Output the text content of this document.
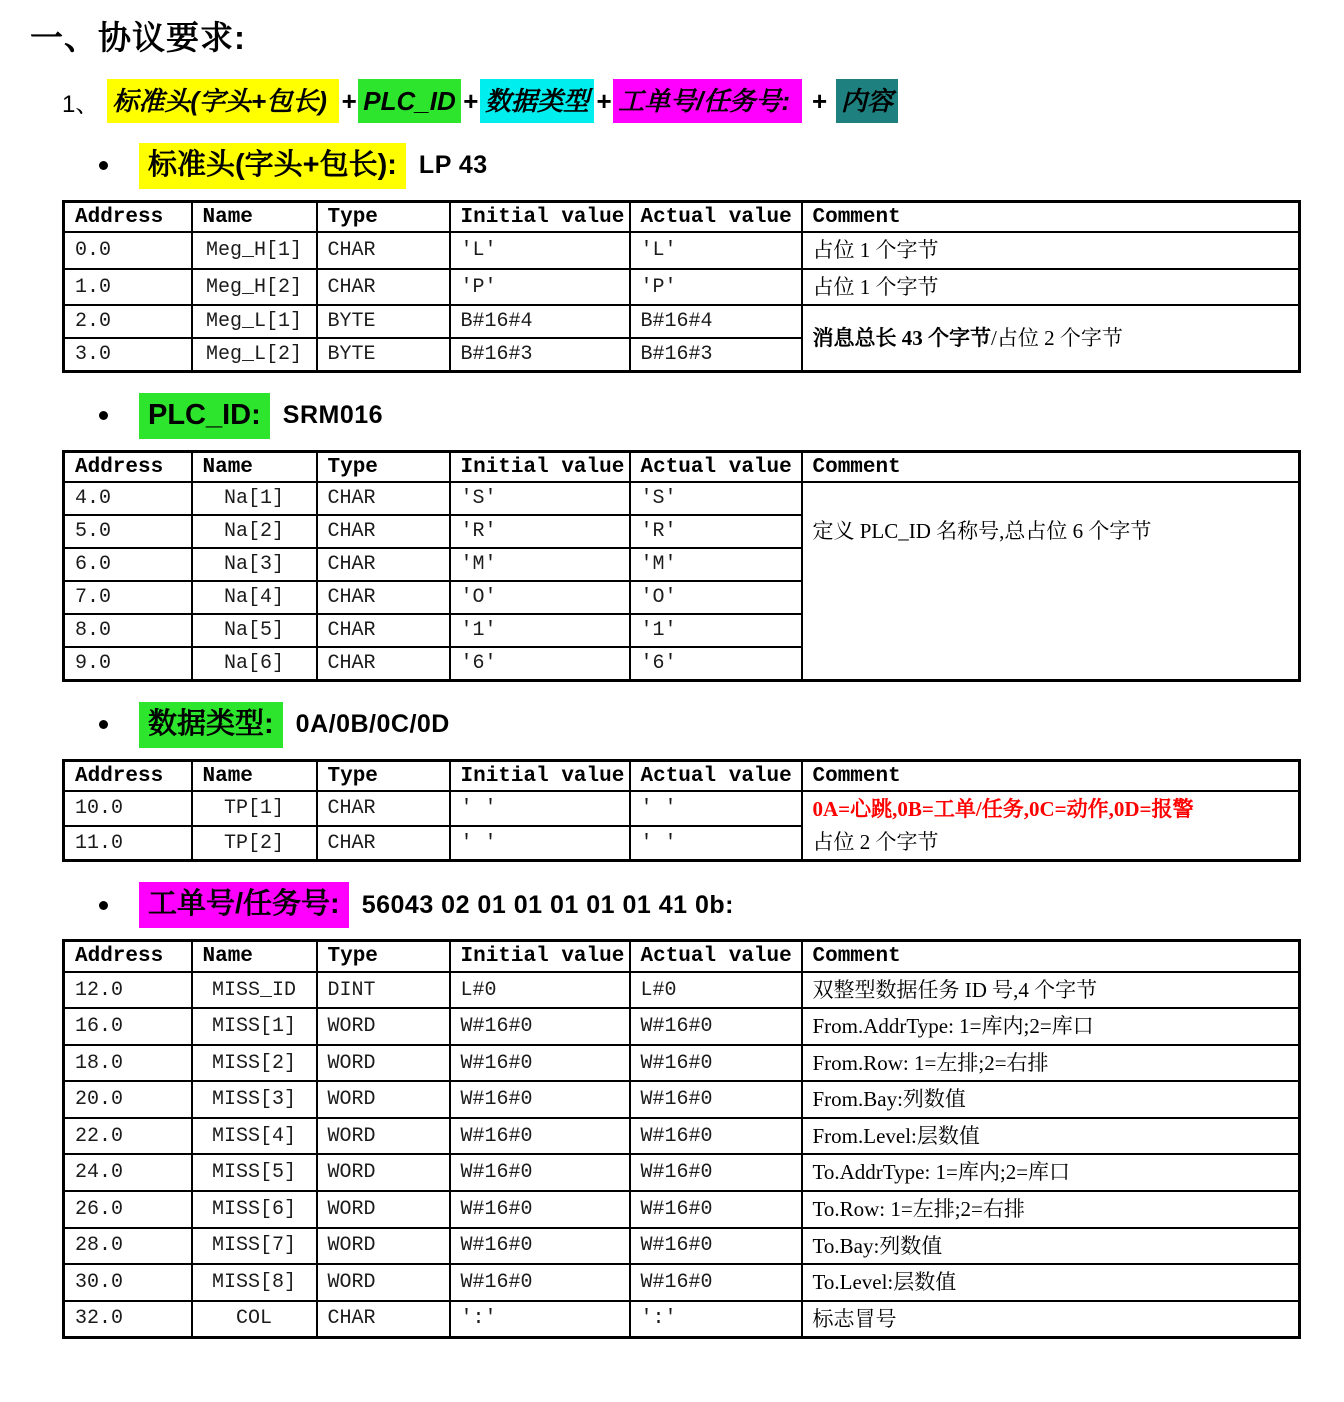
一、协议要求:
1、 标准头(字头+包长) + PLC_ID + 数据类型 + 工单号/任务号: + 内容
标准头(字头+包长): LP 43
Address	Name	Type	Initial value	Actual value	Comment
0.0	Meg_H[1]	CHAR	'L'	'L'	占位 1 个字节

1.0	Meg_H[2]	CHAR	'P'	'P'	占位 1 个字节

2.0	Meg_L[1]	BYTE	B#16#4	B#16#4	消息总长 43 个字节/占位 2 个字节

3.0	Meg_L[2]	BYTE	B#16#3	B#16#3	
PLC_ID: SRM016
Address	Name	Type	Initial value	Actual value	Comment
4.0	Na[1]	CHAR	'S'	'S'	定义 PLC_ID 名称号,总占位 6 个字节

5.0	Na[2]	CHAR	'R'	'R'	
6.0	Na[3]	CHAR	'M'	'M'	
7.0	Na[4]	CHAR	'O'	'O'	
8.0	Na[5]	CHAR	'1'	'1'	
9.0	Na[6]	CHAR	'6'	'6'	
数据类型: 0A/0B/0C/0D
Address	Name	Type	Initial value	Actual value	Comment
10.0	TP[1]	CHAR	' '	' '	0A=心跳,0B=工单/任务,0C=动作,0D=报警
占位 2 个字节

11.0	TP[2]	CHAR	' '	' '	
工单号/任务号: 56043 02 01 01 01 01 01 41 0b:
Address	Name	Type	Initial value	Actual value	Comment
12.0	MISS_ID	DINT	L#0	L#0	双整型数据任务 ID 号,4 个字节

16.0	MISS[1]	WORD	W#16#0	W#16#0	From.AddrType: 1=库内;2=库口

18.0	MISS[2]	WORD	W#16#0	W#16#0	From.Row: 1=左排;2=右排

20.0	MISS[3]	WORD	W#16#0	W#16#0	From.Bay:列数值

22.0	MISS[4]	WORD	W#16#0	W#16#0	From.Level:层数值

24.0	MISS[5]	WORD	W#16#0	W#16#0	To.AddrType: 1=库内;2=库口

26.0	MISS[6]	WORD	W#16#0	W#16#0	To.Row: 1=左排;2=右排

28.0	MISS[7]	WORD	W#16#0	W#16#0	To.Bay:列数值

30.0	MISS[8]	WORD	W#16#0	W#16#0	To.Level:层数值

32.0	COL	CHAR	':'	':'	标志冒号
